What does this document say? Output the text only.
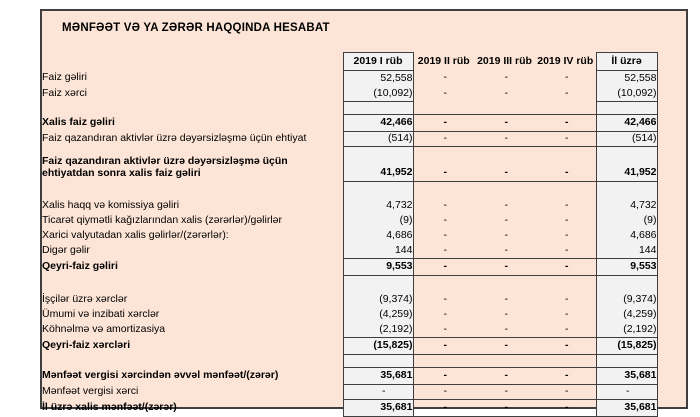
MƏNFƏƏT VƏ YA ZƏRƏR HAQQINDA HESABAT
	2019 I rüb	2019 II rüb	2019 III rüb	2019 IV rüb	İl üzrə
Faiz gəliri	52,558	-	-	-	52,558
Faiz xərci	(10,092)	-	-	-	(10,092)

Xalis faiz gəliri	42,466	-	-	-	42,466
Faiz qazandıran aktivlər üzrə dəyərsizləşmə üçün ehtiyat	(514)	-	-	-	(514)
Faiz qazandıran aktivlər üzrə dəyərsizləşmə üçün ehtiyatdan sonra xalis faiz gəliri	41,952	-	-	-	41,952

Xalis haqq və komissiya gəliri	4,732	-	-	-	4,732
Ticarət qiymətli kağızlarından xalis (zərərlər)/gəlirlər	(9)	-	-	-	(9)
Xarici valyutadan xalis gəlirlər/(zərərlər):	4,686	-	-	-	4,686
Digər gəlir	144	-	-	-	144
Qeyri-faiz gəliri	9,553	-	-	-	9,553

İşçilər üzrə xərclər	(9,374)	-	-	-	(9,374)
Ümumi və inzibati xərclər	(4,259)	-	-	-	(4,259)
Köhnəlmə və amortizasiya	(2,192)	-	-	-	(2,192)
Qeyri-faiz xərcləri	(15,825)	-	-	-	(15,825)

Mənfəət vergisi xərcindən əvvəl mənfəət/(zərər)	35,681	-	-	-	35,681
Mənfəət vergisi xərci	-	-	-	-	-
İl üzrə xalis mənfəət/(zərər)	35,681	-	-	-	35,681
